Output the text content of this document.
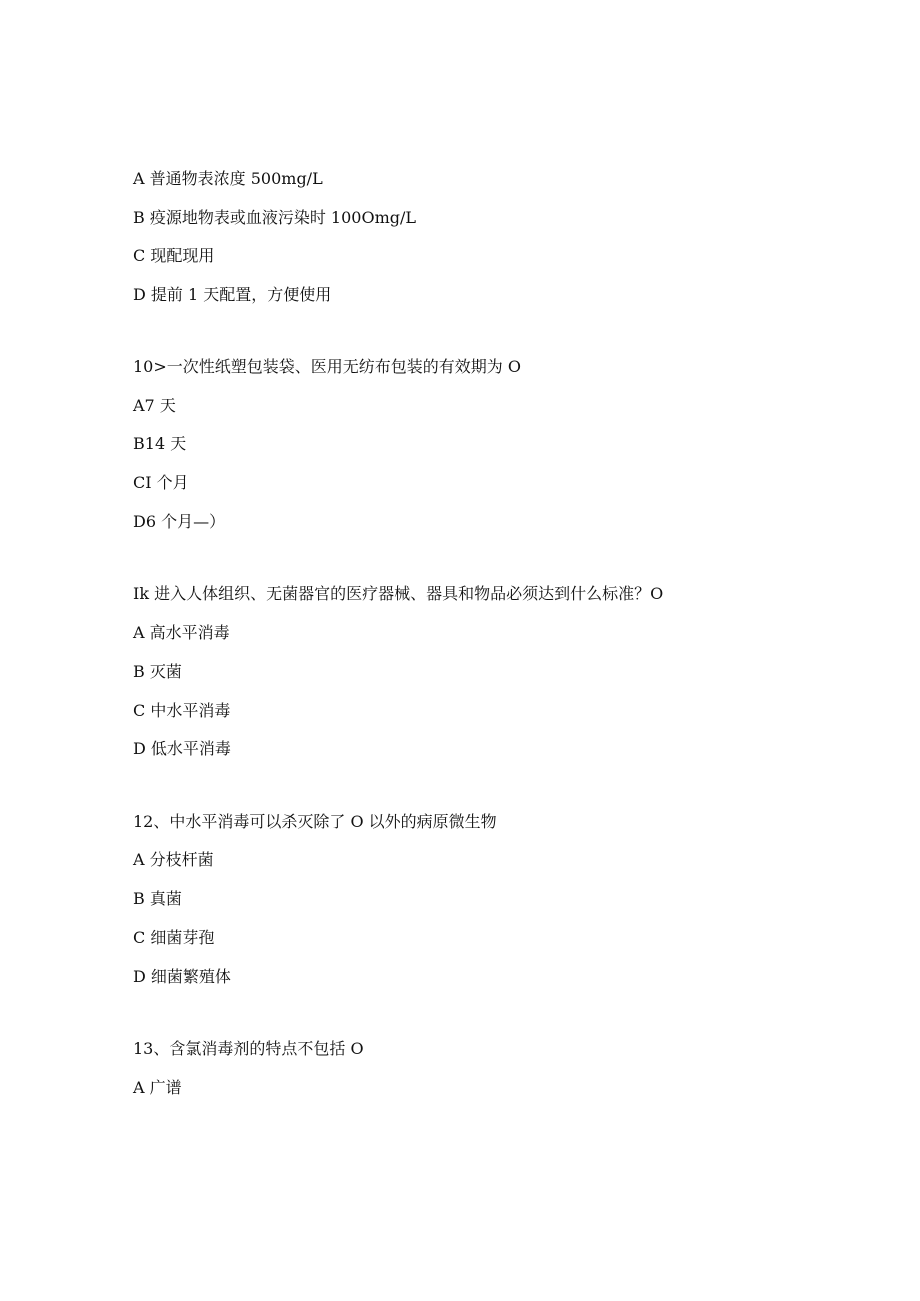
A 普通物表浓度 500mg/L
B 疫源地物表或血液污染时 100Omg/L
C 现配现用
D 提前 1 天配置，方便使用
10>一次性纸塑包装袋、医用无纺布包装的有效期为 O
A7 天
B14 天
CI 个月
D6 个月—）
Ik 进入人体组织、无菌器官的医疗器械、器具和物品必须达到什么标准？O
A 高水平消毒
B 灭菌
C 中水平消毒
D 低水平消毒
12、中水平消毒可以杀灭除了 O 以外的病原微生物
A 分枝杆菌
B 真菌
C 细菌芽孢
D 细菌繁殖体
13、含氯消毒剂的特点不包括 O
A 广谱
